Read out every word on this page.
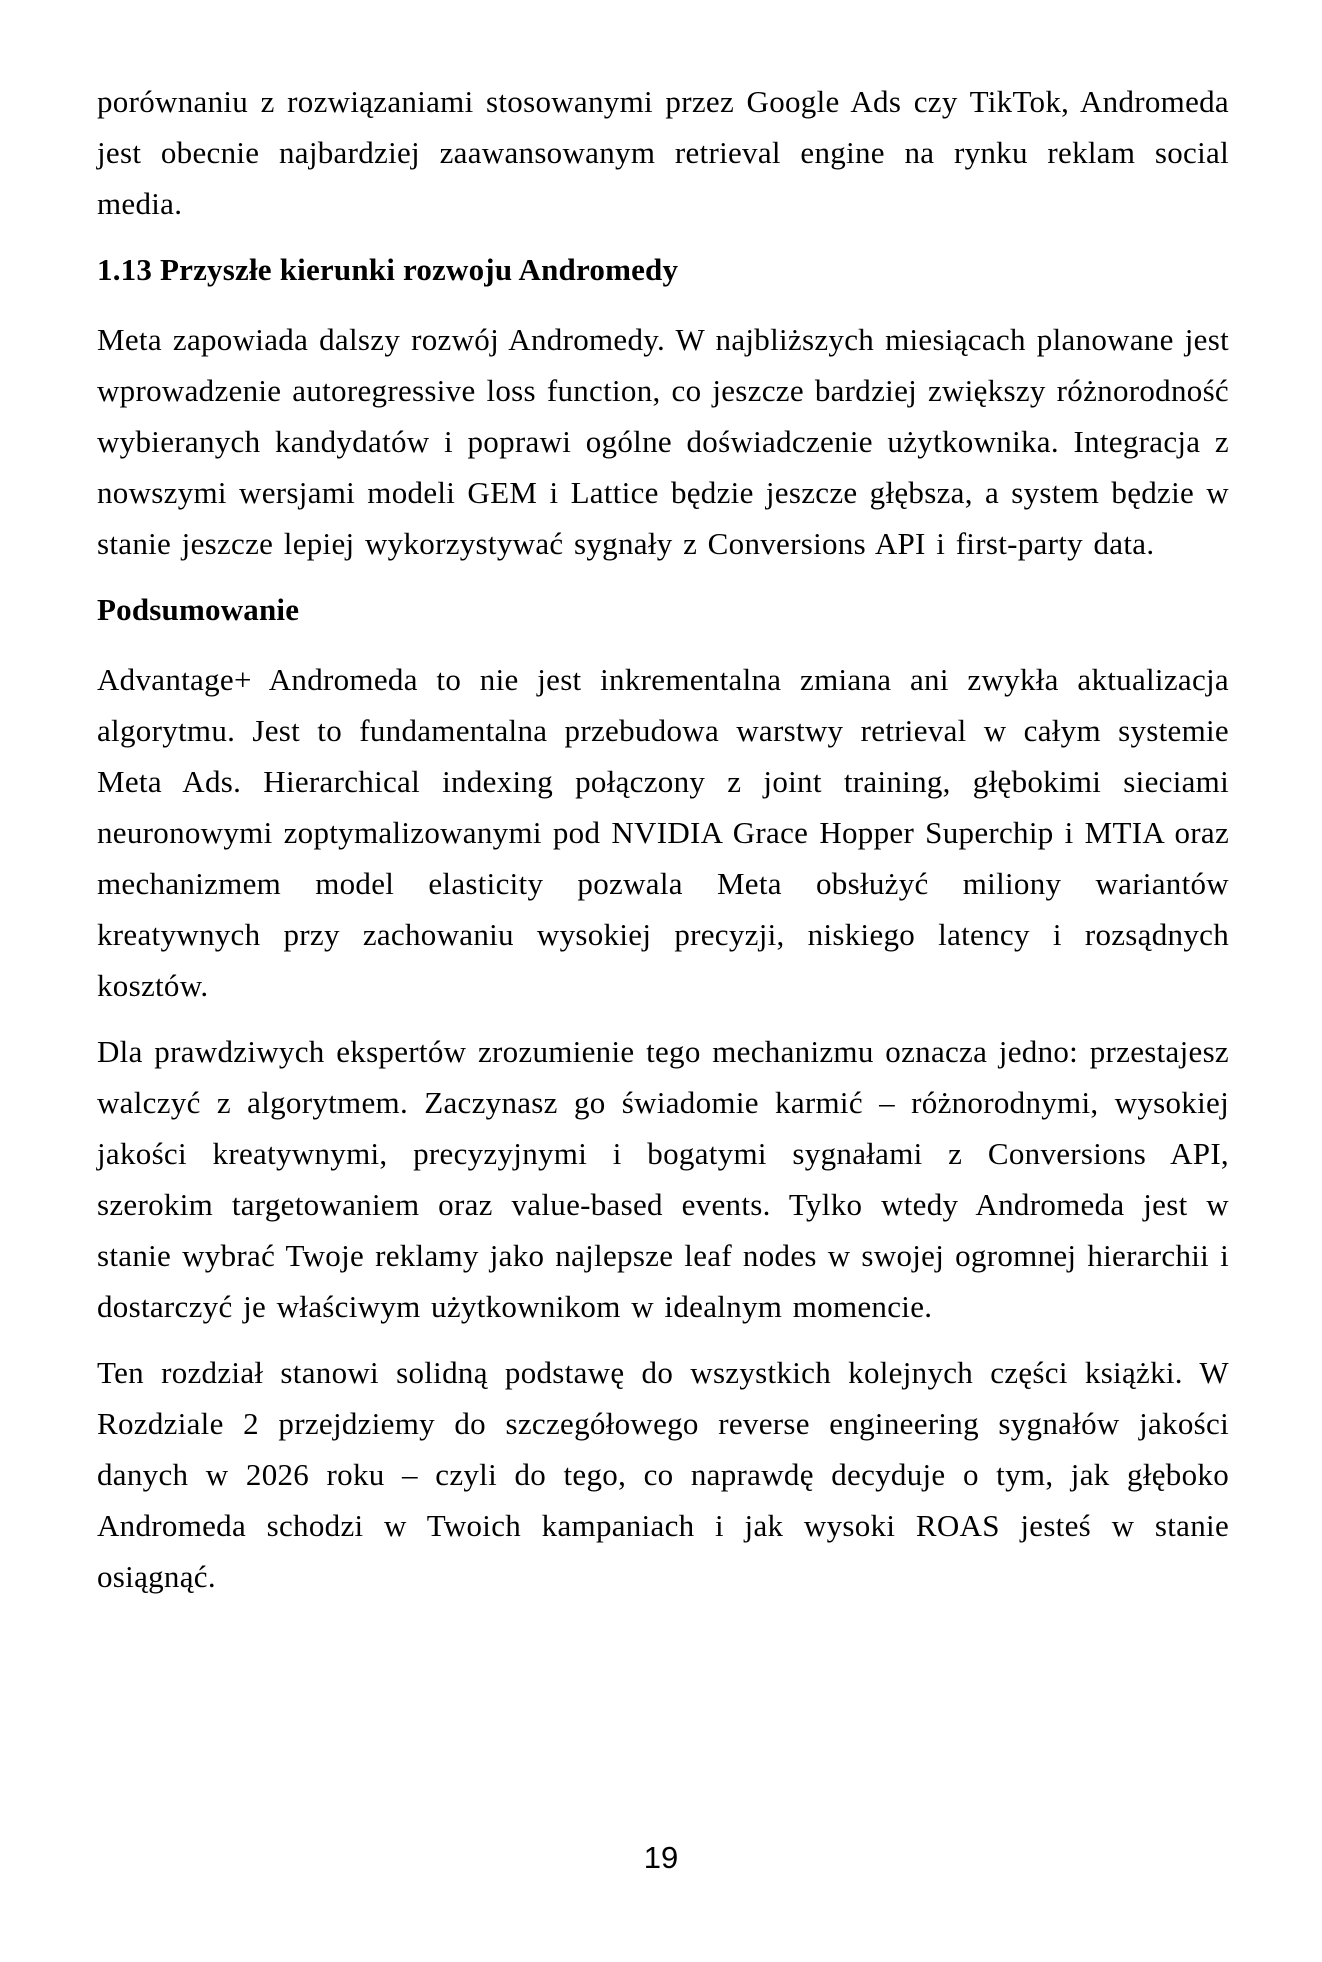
porównaniu z rozwiązaniami stosowanymi przez Google Ads czy TikTok, Andromeda jest obecnie najbardziej zaawansowanym retrieval engine na rynku reklam social media.

1.13 Przyszłe kierunki rozwoju Andromedy

Meta zapowiada dalszy rozwój Andromedy. W najbliższych miesiącach planowane jest wprowadzenie autoregressive loss function, co jeszcze bardziej zwiększy różnorodność wybieranych kandydatów i poprawi ogólne doświadczenie użytkownika. Integracja z nowszymi wersjami modeli GEM i Lattice będzie jeszcze głębsza, a system będzie w stanie jeszcze lepiej wykorzystywać sygnały z Conversions API i first-party data.

Podsumowanie

Advantage+ Andromeda to nie jest inkrementalna zmiana ani zwykła aktualizacja algorytmu. Jest to fundamentalna przebudowa warstwy retrieval w całym systemie Meta Ads. Hierarchical indexing połączony z joint training, głębokimi sieciami neuronowymi zoptymalizowanymi pod NVIDIA Grace Hopper Superchip i MTIA oraz mechanizmem model elasticity pozwala Meta obsłużyć miliony wariantów kreatywnych przy zachowaniu wysokiej precyzji, niskiego latency i rozsądnych kosztów.

Dla prawdziwych ekspertów zrozumienie tego mechanizmu oznacza jedno: przestajesz walczyć z algorytmem. Zaczynasz go świadomie karmić – różnorodnymi, wysokiej jakości kreatywnymi, precyzyjnymi i bogatymi sygnałami z Conversions API, szerokim targetowaniem oraz value-based events. Tylko wtedy Andromeda jest w stanie wybrać Twoje reklamy jako najlepsze leaf nodes w swojej ogromnej hierarchii i dostarczyć je właściwym użytkownikom w idealnym momencie.

Ten rozdział stanowi solidną podstawę do wszystkich kolejnych części książki. W Rozdziale 2 przejdziemy do szczegółowego reverse engineering sygnałów jakości danych w 2026 roku – czyli do tego, co naprawdę decyduje o tym, jak głęboko Andromeda schodzi w Twoich kampaniach i jak wysoki ROAS jesteś w stanie osiągnąć.

19
